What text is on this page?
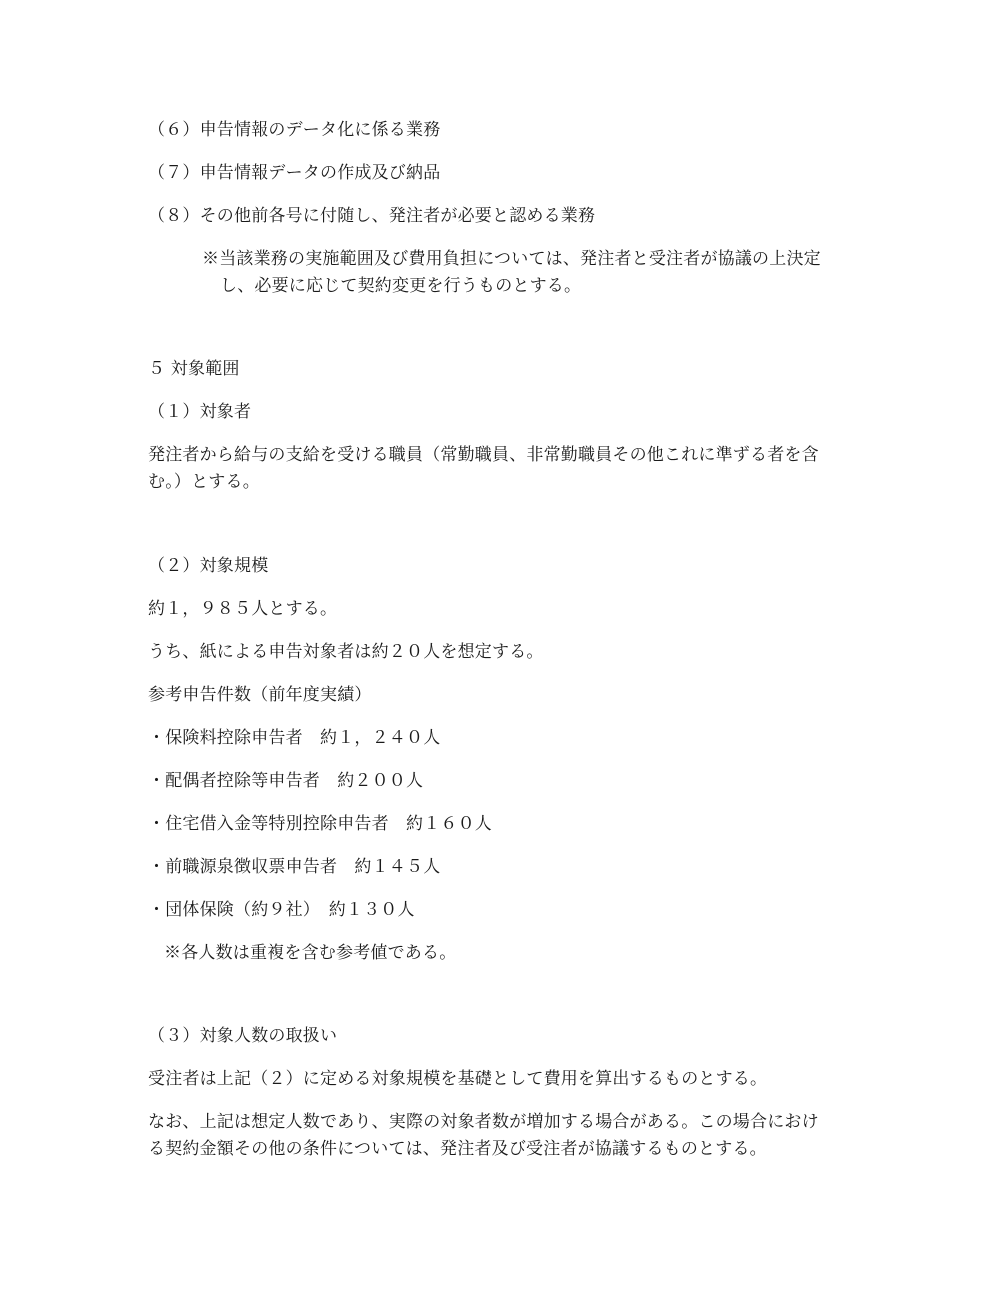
（６）申告情報のデータ化に係る業務
（７）申告情報データの作成及び納品
（８）その他前各号に付随し、発注者が必要と認める業務
※当該業務の実施範囲及び費用負担については、発注者と受注者が協議の上決定
し、必要に応じて契約変更を行うものとする。
５ 対象範囲
（１）対象者
発注者から給与の支給を受ける職員（常勤職員、非常勤職員その他これに準ずる者を含
む。）とする。
（２）対象規模
約１，９８５人とする。
うち、紙による申告対象者は約２０人を想定する。
参考申告件数（前年度実績）
・保険料控除申告者　約１，２４０人
・配偶者控除等申告者　約２００人
・住宅借入金等特別控除申告者　約１６０人
・前職源泉徴収票申告者　約１４５人
・団体保険（約９社）　約１３０人
※各人数は重複を含む参考値である。
（３）対象人数の取扱い
受注者は上記（２）に定める対象規模を基礎として費用を算出するものとする。
なお、上記は想定人数であり、実際の対象者数が増加する場合がある。この場合におけ
る契約金額その他の条件については、発注者及び受注者が協議するものとする。
